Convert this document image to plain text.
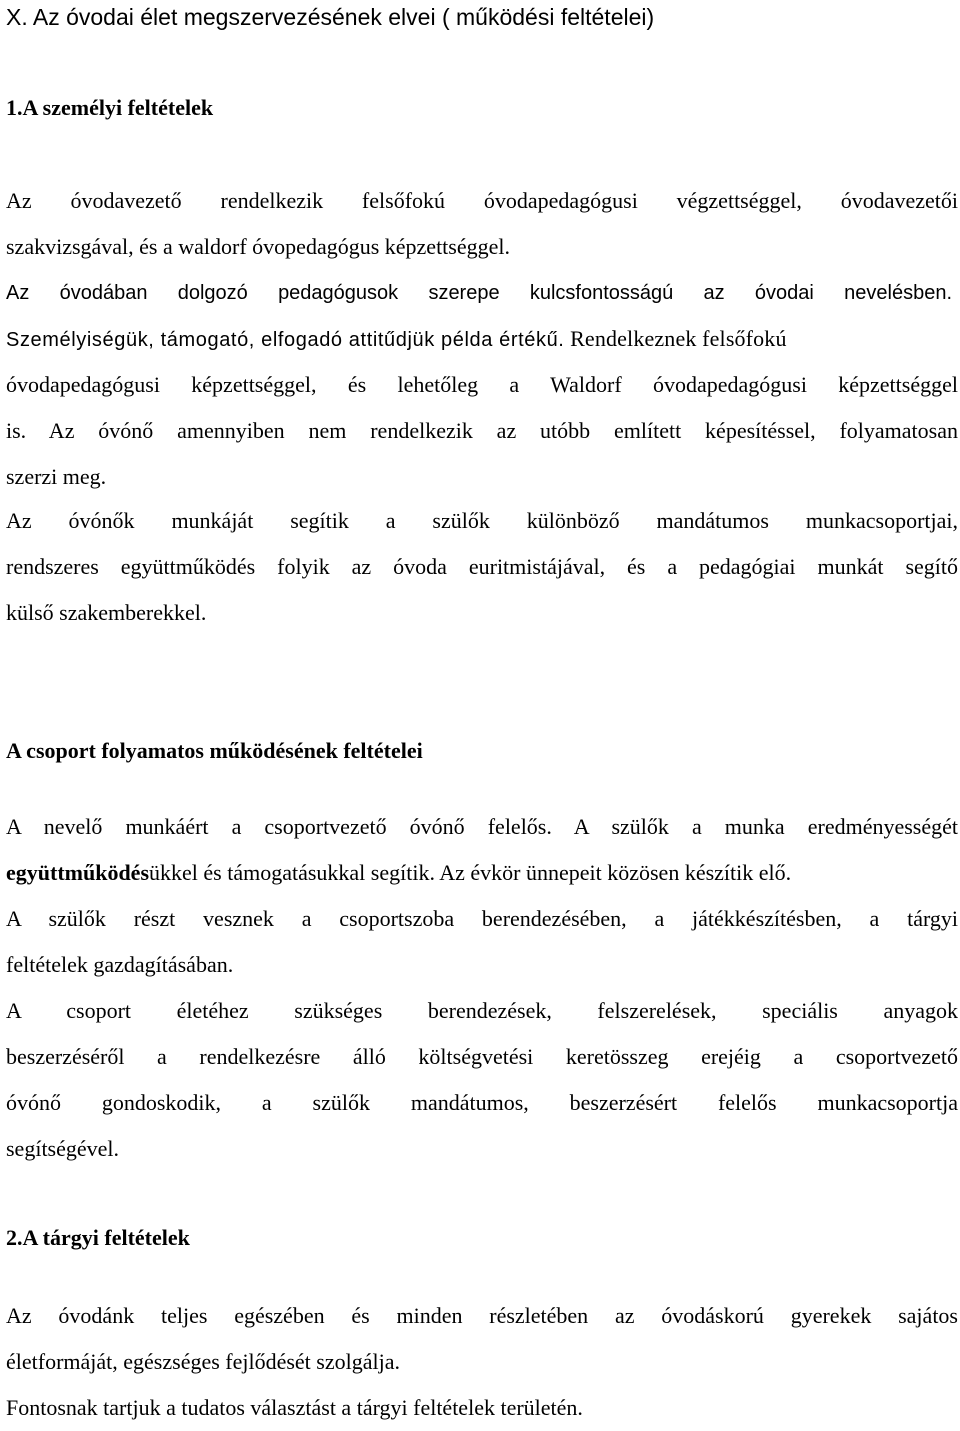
X. Az óvodai élet megszervezésének elvei ( működési feltételei)
1.A személyi feltételek
Az óvodavezető rendelkezik felsőfokú óvodapedagógusi végzettséggel, óvodavezetői
szakvizsgával, és a waldorf óvopedagógus képzettséggel.
Az óvodában dolgozó pedagógusok szerepe kulcsfontosságú az óvodai nevelésben.
Személyiségük, támogató, elfogadó attitűdjük példa értékű. Rendelkeznek felsőfokú
óvodapedagógusi képzettséggel, és lehetőleg a Waldorf óvodapedagógusi képzettséggel
is. Az óvónő amennyiben nem rendelkezik az utóbb említett képesítéssel, folyamatosan
szerzi meg.
Az óvónők munkáját segítik a szülők különböző mandátumos munkacsoportjai,
rendszeres együttműködés folyik az óvoda euritmistájával, és a pedagógiai munkát segítő
külső szakemberekkel.
A csoport folyamatos működésének feltételei
A nevelő munkáért a csoportvezető óvónő felelős. A szülők a munka eredményességét
együttműködésükkel és támogatásukkal segítik. Az évkör ünnepeit közösen készítik elő.
A szülők részt vesznek a csoportszoba berendezésében, a játékkészítésben, a tárgyi
feltételek gazdagításában.
A csoport életéhez szükséges berendezések, felszerelések, speciális anyagok
beszerzéséről a rendelkezésre álló költségvetési keretösszeg erejéig a csoportvezető
óvónő gondoskodik, a szülők mandátumos, beszerzésért felelős munkacsoportja
segítségével.
2.A tárgyi feltételek
Az óvodánk teljes egészében és minden részletében az óvodáskorú gyerekek sajátos
életformáját, egészséges fejlődését szolgálja.
Fontosnak tartjuk a tudatos választást a tárgyi feltételek területén.
